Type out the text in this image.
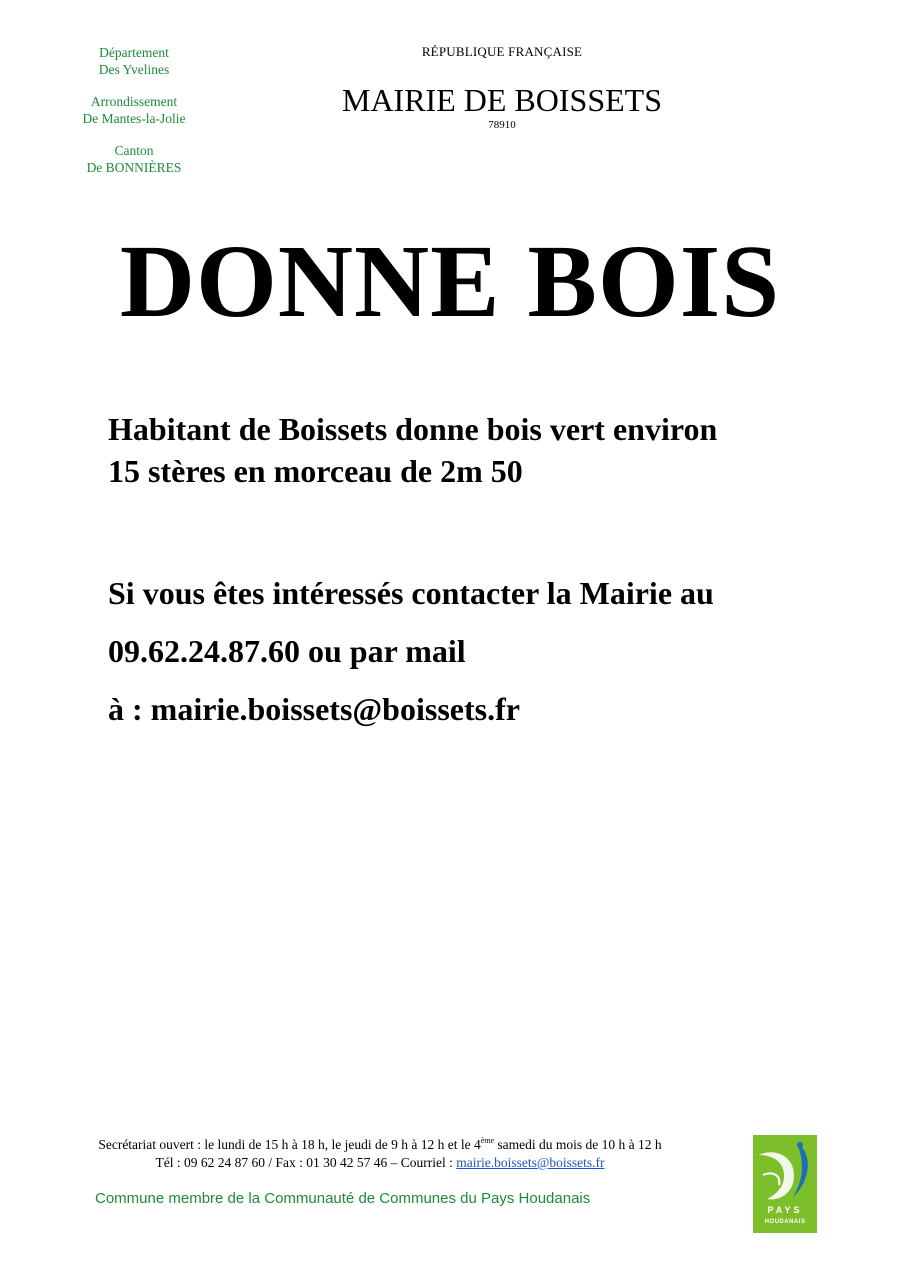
Département
Des Yvelines
Arrondissement
De Mantes-la-Jolie
Canton
De BONNIÈRES
RÉPUBLIQUE FRANÇAISE
MAIRIE DE BOISSETS
78910
DONNE BOIS
Habitant de Boissets donne bois vert environ
15 stères en morceau de 2m 50
Si vous êtes intéressés contacter la Mairie au
09.62.24.87.60 ou par mail
à : mairie.boissets@boissets.fr
Secrétariat ouvert : le lundi de 15 h à 18 h, le jeudi de 9 h à 12 h et le 4ème samedi du mois de 10 h à 12 h
Tél : 09 62 24 87 60 / Fax : 01 30 42 57 46 – Courriel : mairie.boissets@boissets.fr
Commune membre de la Communauté de Communes du Pays Houdanais
PAYS
HOUDANAIS
